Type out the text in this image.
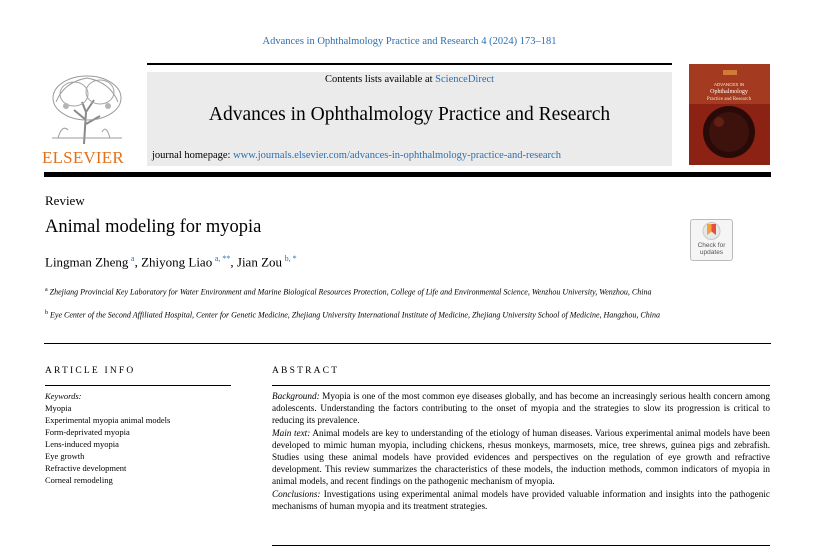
Advances in Ophthalmology Practice and Research 4 (2024) 173–181
ELSEVIER
Contents lists available at ScienceDirect
Advances in Ophthalmology Practice and Research
journal homepage: www.journals.elsevier.com/advances-in-ophthalmology-practice-and-research
ADVANCES IN
Ophthalmology
Practice and Research
Review
Animal modeling for myopia
Check for updates
Lingman Zheng  $^a$, Zhiyong Liao  $^{a, **}$, Jian Zou  $^{b, *}$
$^a$ Zhejiang Provincial Key Laboratory for Water Environment and Marine Biological Resources Protection, College of Life and Environmental Science, Wenzhou University, Wenzhou, China
$^b$ Eye Center of the Second Affiliated Hospital, Center for Genetic Medicine, Zhejiang University International Institute of Medicine, Zhejiang University School of Medicine, Hangzhou, China
ARTICLE INFO	ABSTRACT
Keywords:
Myopia
Experimental myopia animal models
Form-deprivated myopia
Lens-induced myopia
Eye growth
Refractive development
Corneal remodeling

Background: Myopia is one of the most common eye diseases globally, and has become an increasingly serious health concern among adolescents. Understanding the factors contributing to the onset of myopia and the strategies to slow its progression is critical to reducing its prevalence.

Main text: Animal models are key to understanding of the etiology of human diseases. Various experimental animal models have been developed to mimic human myopia, including chickens, rhesus monkeys, marmosets, mice, tree shrews, guinea pigs and zebrafish. Studies using these animal models have provided evidences and perspectives on the regulation of eye growth and refractive development. This review summarizes the characteristics of these models, the induction methods, common indicators of myopia in animal models, and recent findings on the pathogenic mechanism of myopia.

Conclusions: Investigations using experimental animal models have provided valuable information and insights into the pathogenic mechanisms of human myopia and its treatment strategies.
